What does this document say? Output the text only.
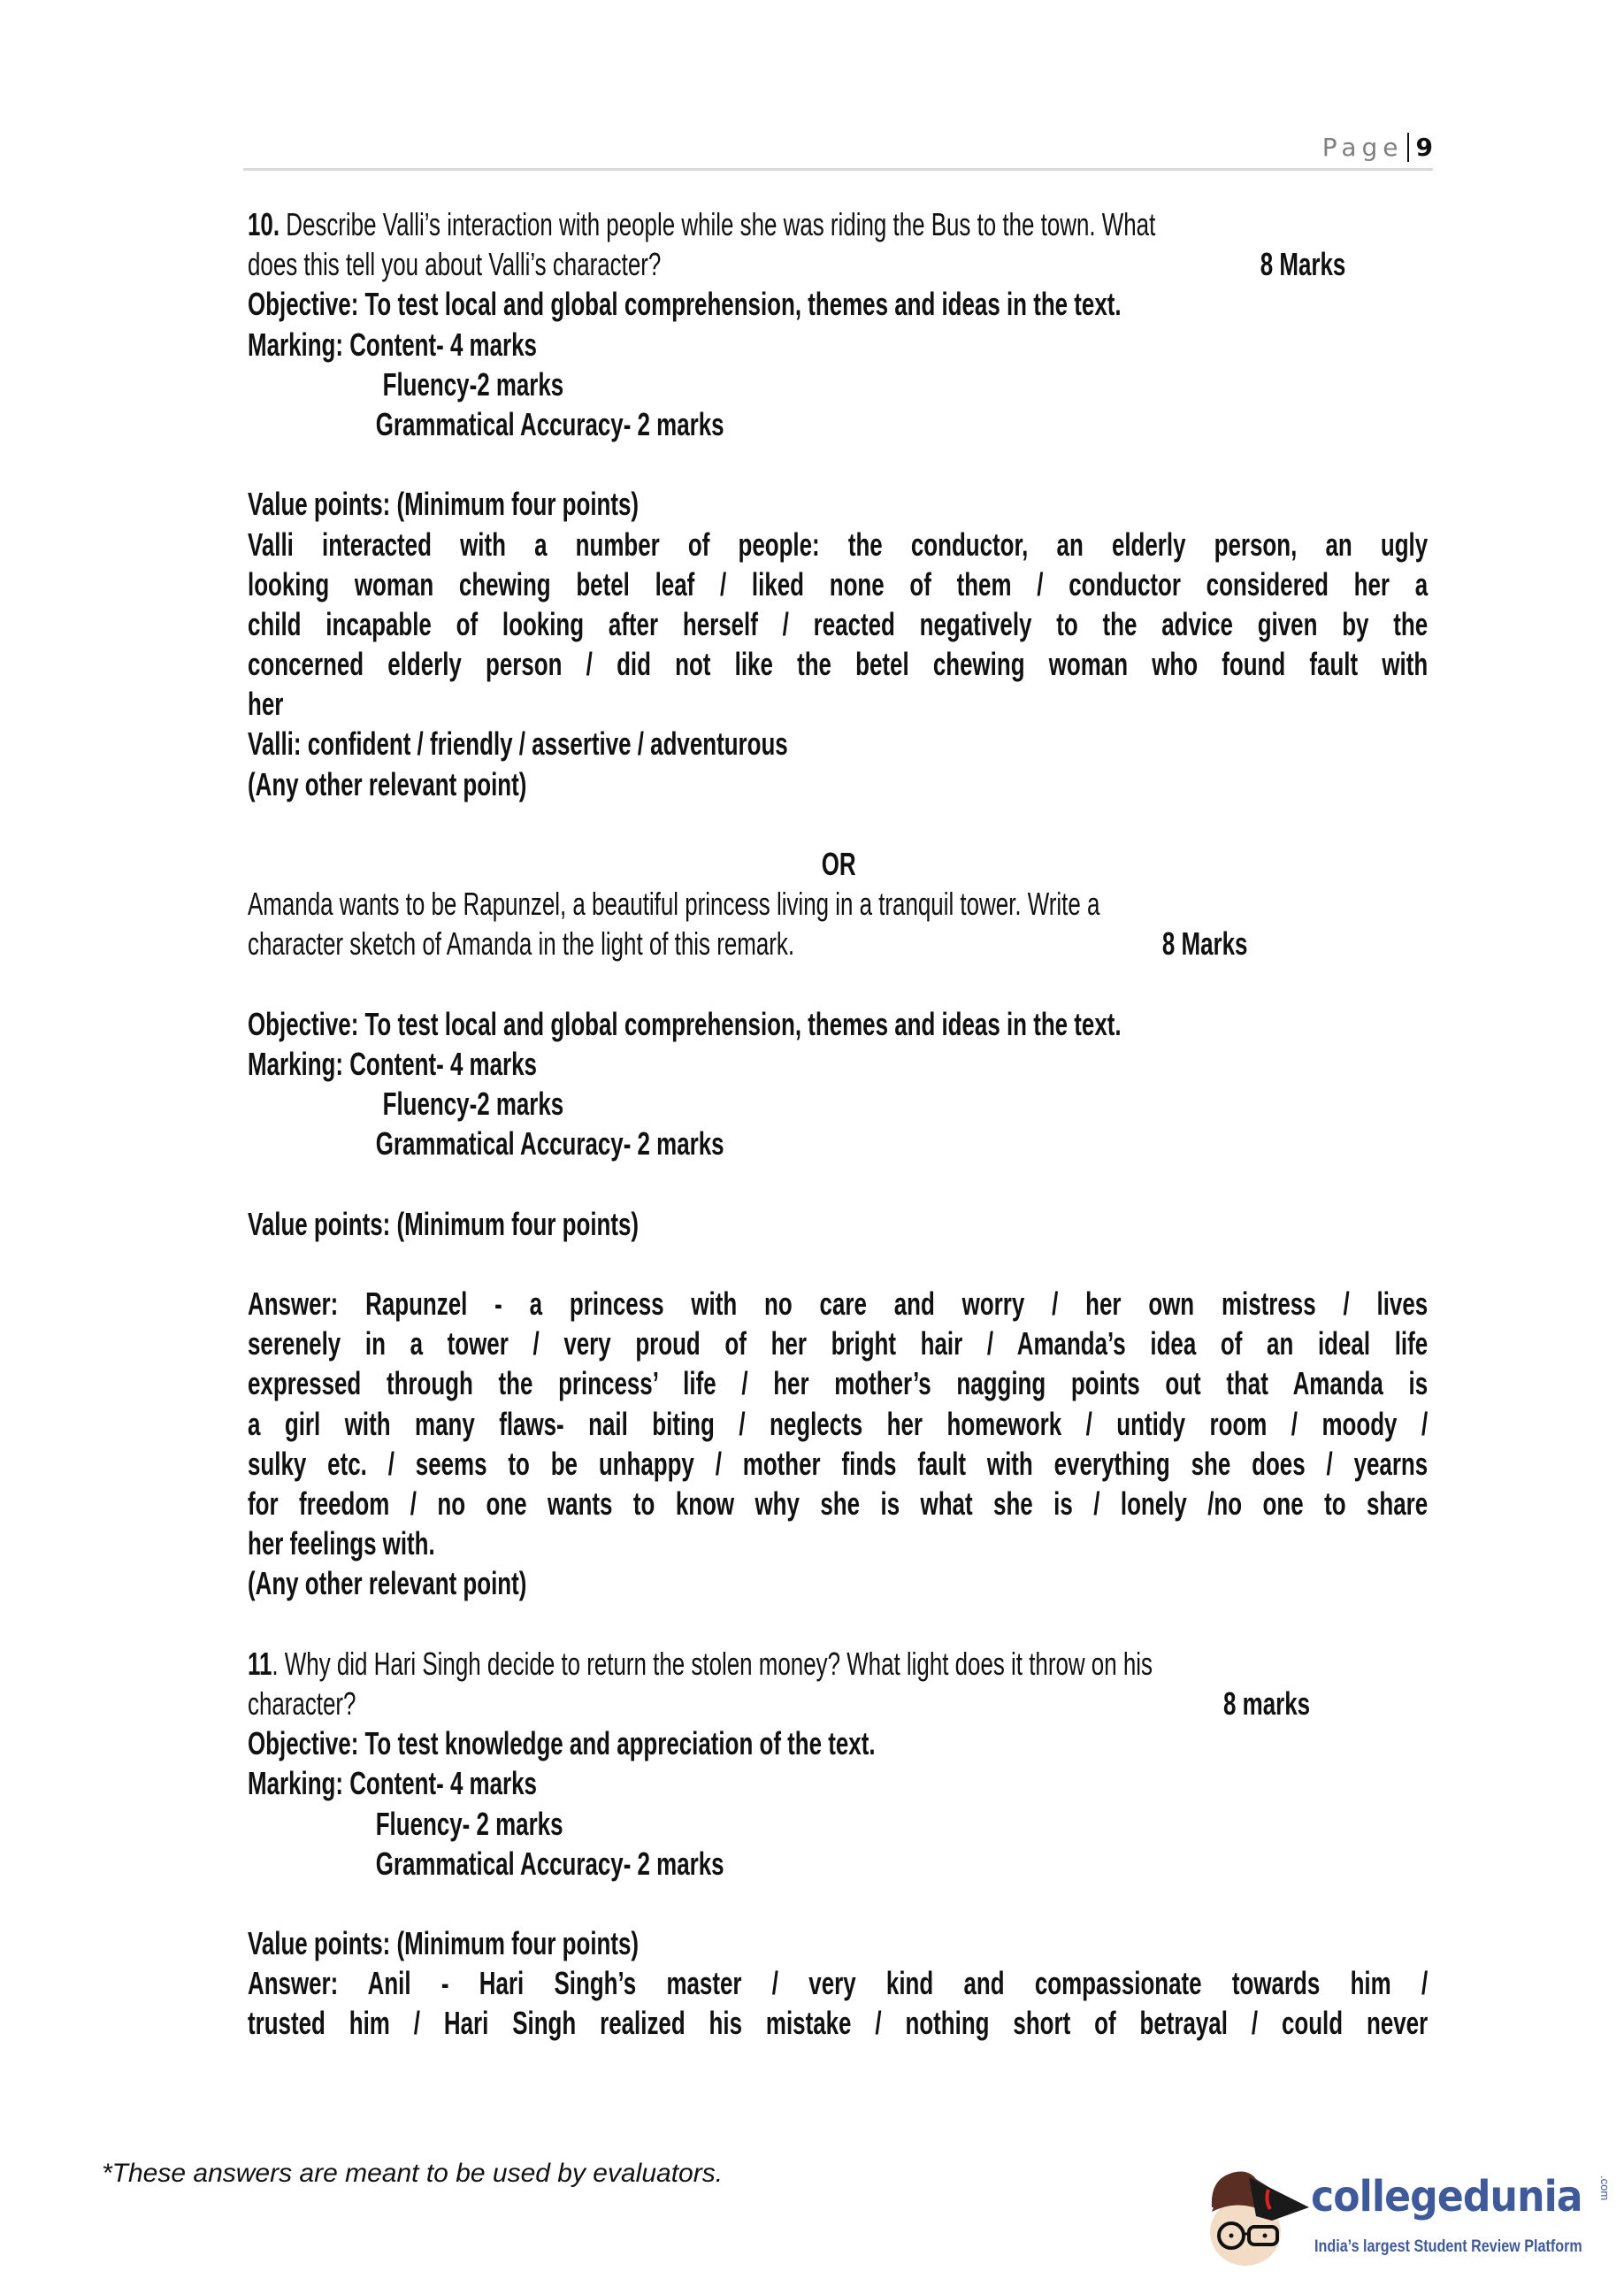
Page 9
10. Describe Valli’s interaction with people while she was riding the Bus to the town. What
does this tell you about Valli’s character?	8 Marks
Objective: To test local and global comprehension, themes and ideas in the text.
Marking: Content- 4 marks
Fluency-2 marks
Grammatical Accuracy- 2 marks
Value points: (Minimum four points)
Valli interacted with a number of people: the conductor, an elderly person, an ugly
looking woman chewing betel leaf / liked none of them / conductor considered her a
child incapable of looking after herself / reacted negatively to the advice given by the
concerned elderly person / did not like the betel chewing woman who found fault with
her
Valli: confident / friendly / assertive / adventurous
(Any other relevant point)
OR
Amanda wants to be Rapunzel, a beautiful princess living in a tranquil tower. Write a
character sketch of Amanda in the light of this remark.	8 Marks
Objective: To test local and global comprehension, themes and ideas in the text.
Marking: Content- 4 marks
Fluency-2 marks
Grammatical Accuracy- 2 marks
Value points: (Minimum four points)
Answer: Rapunzel - a princess with no care and worry / her own mistress / lives
serenely in a tower / very proud of her bright hair / Amanda’s idea of an ideal life
expressed through the princess’ life / her mother’s nagging points out that Amanda is
a girl with many flaws- nail biting / neglects her homework / untidy room / moody /
sulky etc. / seems to be unhappy / mother finds fault with everything she does / yearns
for freedom / no one wants to know why she is what she is / lonely /no one to share
her feelings with.
(Any other relevant point)
11. Why did Hari Singh decide to return the stolen money? What light does it throw on his
character?	8 marks
Objective: To test knowledge and appreciation of the text.
Marking: Content- 4 marks
Fluency- 2 marks
Grammatical Accuracy- 2 marks
Value points: (Minimum four points)
Answer: Anil - Hari Singh’s master / very kind and compassionate towards him /
trusted him / Hari Singh realized his mistake / nothing short of betrayal / could never
*These answers are meant to be used by evaluators.	collegedunia .com
India’s largest Student Review Platform
